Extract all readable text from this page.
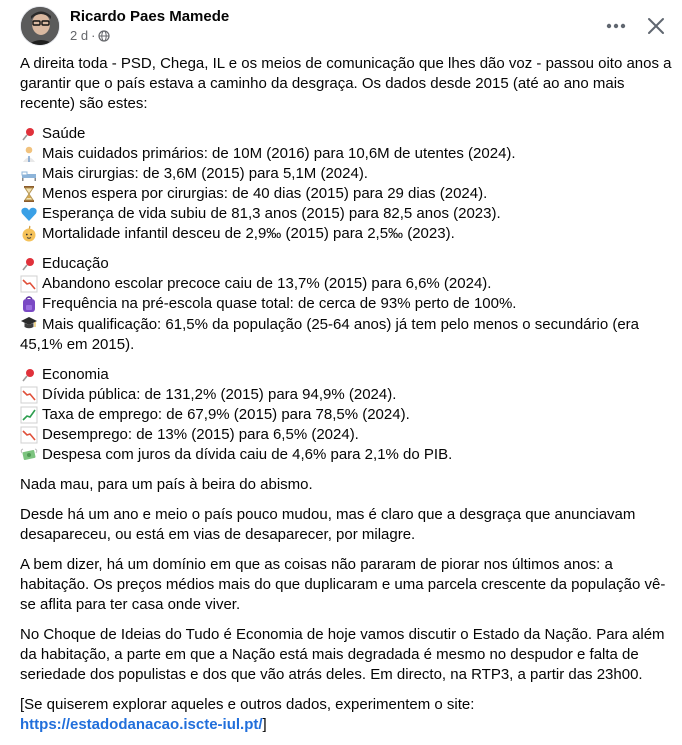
Ricardo Paes Mamede
2 d ·

A direita toda - PSD, Chega, IL e os meios de comunicação que lhes dão voz - passou oito anos a garantir que o país estava a caminho da desgraça. Os dados desde 2015 (até ao ano mais recente) são estes:

Saúde
Mais cuidados primários: de 10M (2016) para 10,6M de utentes (2024).
Mais cirurgias: de 3,6M (2015) para 5,1M (2024).
Menos espera por cirurgias: de 40 dias (2015) para 29 dias (2024).
Esperança de vida subiu de 81,3 anos (2015) para 82,5 anos (2023).
Mortalidade infantil desceu de 2,9‰ (2015) para 2,5‰ (2023).
Educação
Abandono escolar precoce caiu de 13,7% (2015) para 6,6% (2024).
Frequência na pré-escola quase total: de cerca de 93% perto de 100%.
Mais qualificação: 61,5% da população (25-64 anos) já tem pelo menos o secundário (era 45,1% em 2015).
Economia
Dívida pública: de 131,2% (2015) para 94,9% (2024).
Taxa de emprego: de 67,9% (2015) para 78,5% (2024).
Desemprego: de 13% (2015) para 6,5% (2024).
Despesa com juros da dívida caiu de 4,6% para 2,1% do PIB.

Nada mau, para um país à beira do abismo.

Desde há um ano e meio o país pouco mudou, mas é claro que a desgraça que anunciavam desapareceu, ou está em vias de desaparecer, por milagre.

A bem dizer, há um domínio em que as coisas não pararam de piorar nos últimos anos: a habitação. Os preços médios mais do que duplicaram e uma parcela crescente da população vê-se aflita para ter casa onde viver.

No Choque de Ideias do Tudo é Economia de hoje vamos discutir o Estado da Nação. Para além da habitação, a parte em que a Nação está mais degradada é mesmo no despudor e falta de seriedade dos populistas e dos que vão atrás deles. Em directo, na RTP3, a partir das 23h00.

[Se quiserem explorar aqueles e outros dados, experimentem o site: https://estadodanacao.iscte-iul.pt/]
